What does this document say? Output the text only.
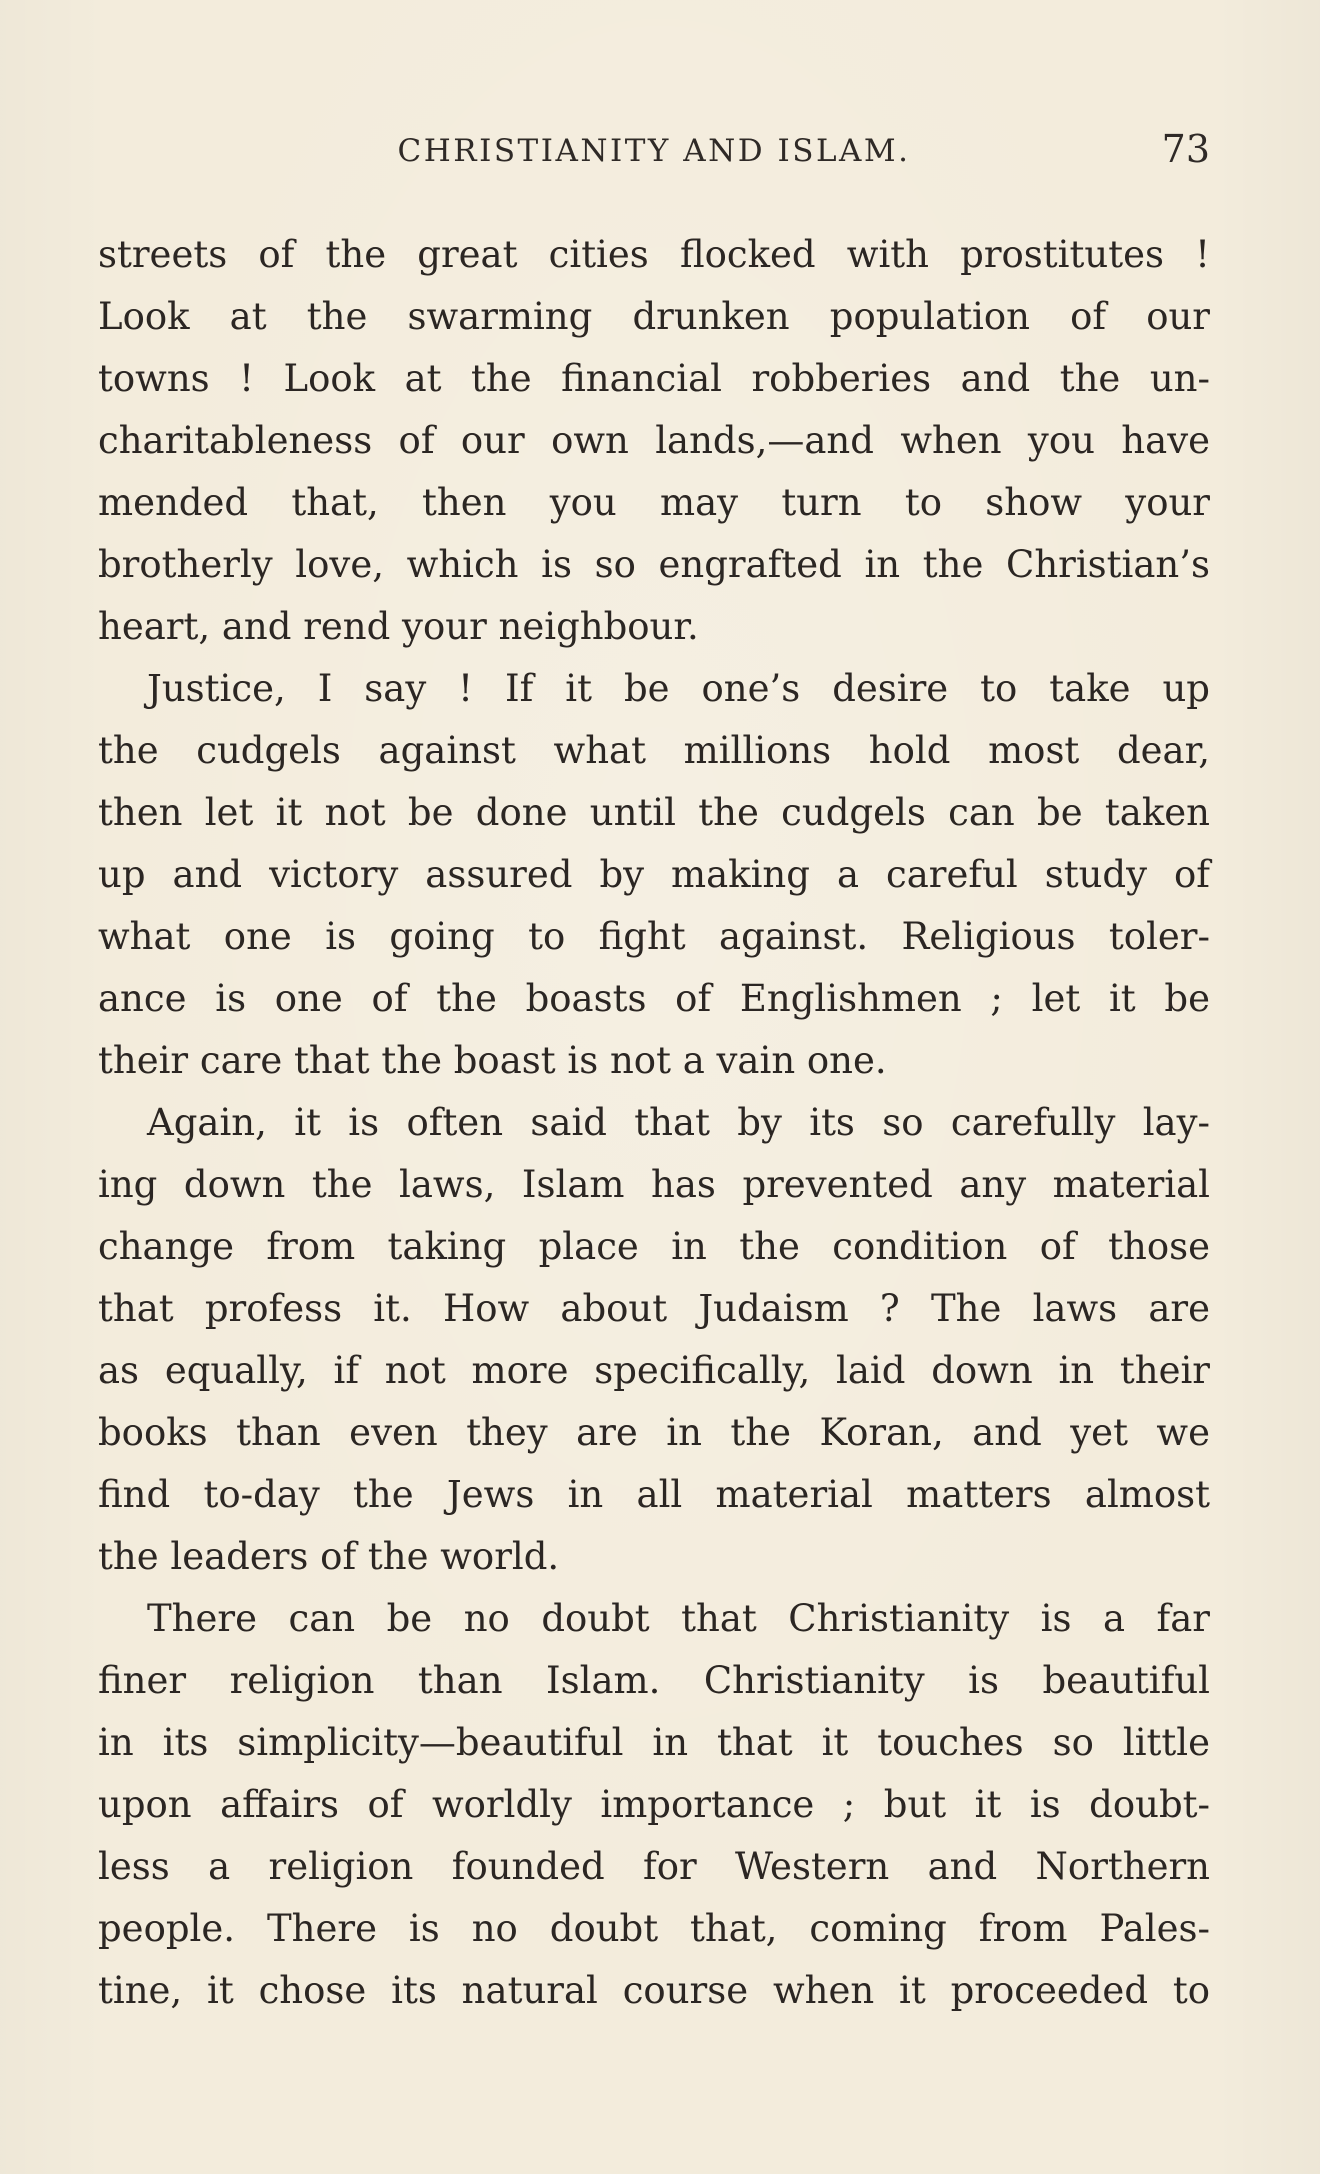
CHRISTIANITY AND ISLAM.	73
streets of the great cities flocked with prostitutes !
Look at the swarming drunken population of our
towns ! Look at the financial robberies and the un-
charitableness of our own lands,—and when you have
mended that, then you may turn to show your
brotherly love, which is so engrafted in the Christian’s
heart, and rend your neighbour.
Justice, I say ! If it be one’s desire to take up
the cudgels against what millions hold most dear,
then let it not be done until the cudgels can be taken
up and victory assured by making a careful study of
what one is going to fight against. Religious toler-
ance is one of the boasts of Englishmen ; let it be
their care that the boast is not a vain one.
Again, it is often said that by its so carefully lay-
ing down the laws, Islam has prevented any material
change from taking place in the condition of those
that profess it. How about Judaism ? The laws are
as equally, if not more specifically, laid down in their
books than even they are in the Koran, and yet we
find to-day the Jews in all material matters almost
the leaders of the world.
There can be no doubt that Christianity is a far
finer religion than Islam. Christianity is beautiful
in its simplicity—beautiful in that it touches so little
upon affairs of worldly importance ; but it is doubt-
less a religion founded for Western and Northern
people. There is no doubt that, coming from Pales-
tine, it chose its natural course when it proceeded to
